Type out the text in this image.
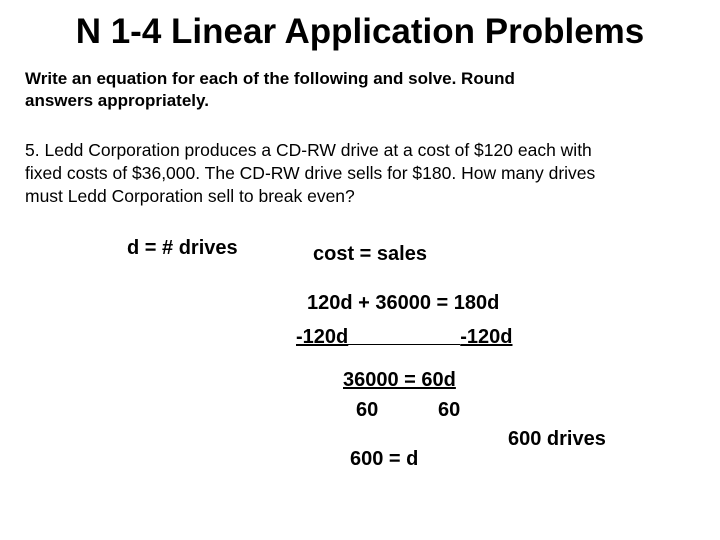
N 1-4 Linear Application Problems
Write an equation for each of the following and solve. Round
answers appropriately.
5. Ledd Corporation produces a CD-RW drive at a cost of $120 each with
fixed costs of $36,000. The CD-RW drive sells for $180. How many drives
must Ledd Corporation sell to break even?
d = # drives	cost = sales
120d + 36000 = 180d
-120d	-120d
36000 = 60d
60	60
600 = d
600 drives
